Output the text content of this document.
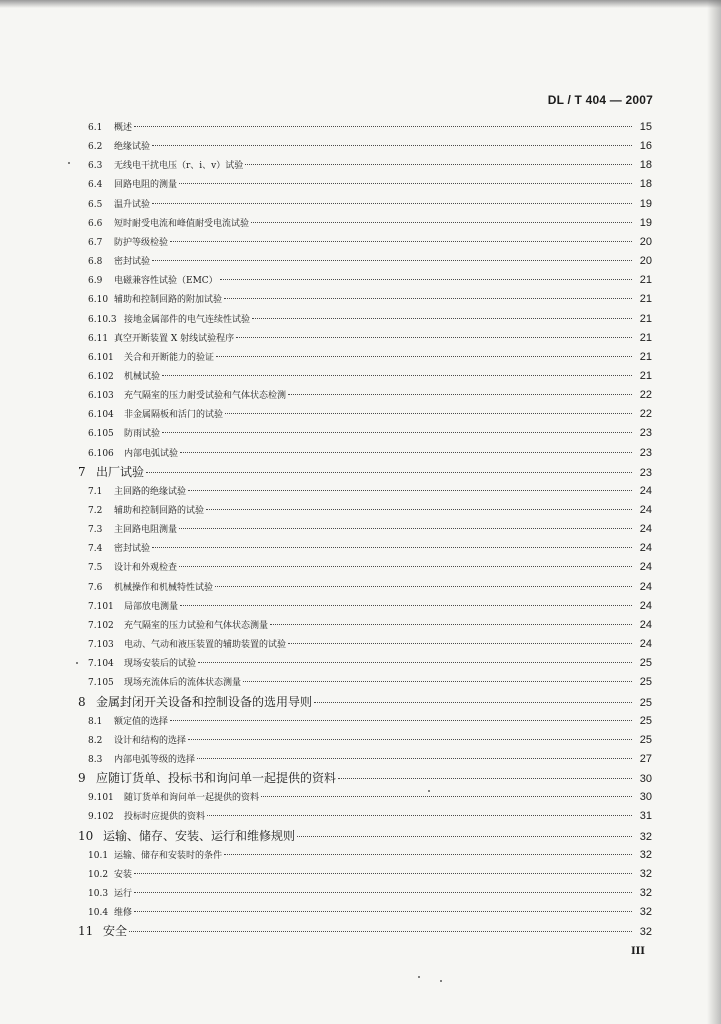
DL / T 404 — 2007
6.1	概述	15
6.2	绝缘试验	16
6.3	无线电干扰电压（r、i、v）试验	18
6.4	回路电阻的测量	18
6.5	温升试验	19
6.6	短时耐受电流和峰值耐受电流试验	19
6.7	防护等级检验	20
6.8	密封试验	20
6.9	电磁兼容性试验（EMC）	21
6.10 辅助和控制回路的附加试验	21
6.10.3 接地金属部件的电气连续性试验	21
6.11 真空开断装置 X 射线试验程序	21
6.101	关合和开断能力的验证	21
6.102	机械试验	21
6.103	充气隔室的压力耐受试验和气体状态检测	22
6.104	非金属隔板和活门的试验	22
6.105	防雨试验	23
6.106	内部电弧试验	23
7 出厂试验	23
7.1	主回路的绝缘试验	24
7.2	辅助和控制回路的试验	24
7.3	主回路电阻测量	24
7.4	密封试验	24
7.5	设计和外观检查	24
7.6	机械操作和机械特性试验	24
7.101	局部放电测量	24
7.102	充气隔室的压力试验和气体状态测量	24
7.103	电动、气动和液压装置的辅助装置的试验	24
7.104	现场安装后的试验	25
7.105	现场充流体后的流体状态测量	25
8 金属封闭开关设备和控制设备的选用导则	25
8.1	额定值的选择	25
8.2	设计和结构的选择	25
8.3	内部电弧等级的选择	27
9 应随订货单、投标书和询问单一起提供的资料	30
9.101	随订货单和询问单一起提供的资料	30
9.102	投标时应提供的资料	31
10 运输、储存、安装、运行和维修规则	32
10.1 运输、储存和安装时的条件	32
10.2 安装	32
10.3 运行	32
10.4 维修	32
11 安全	32
III
